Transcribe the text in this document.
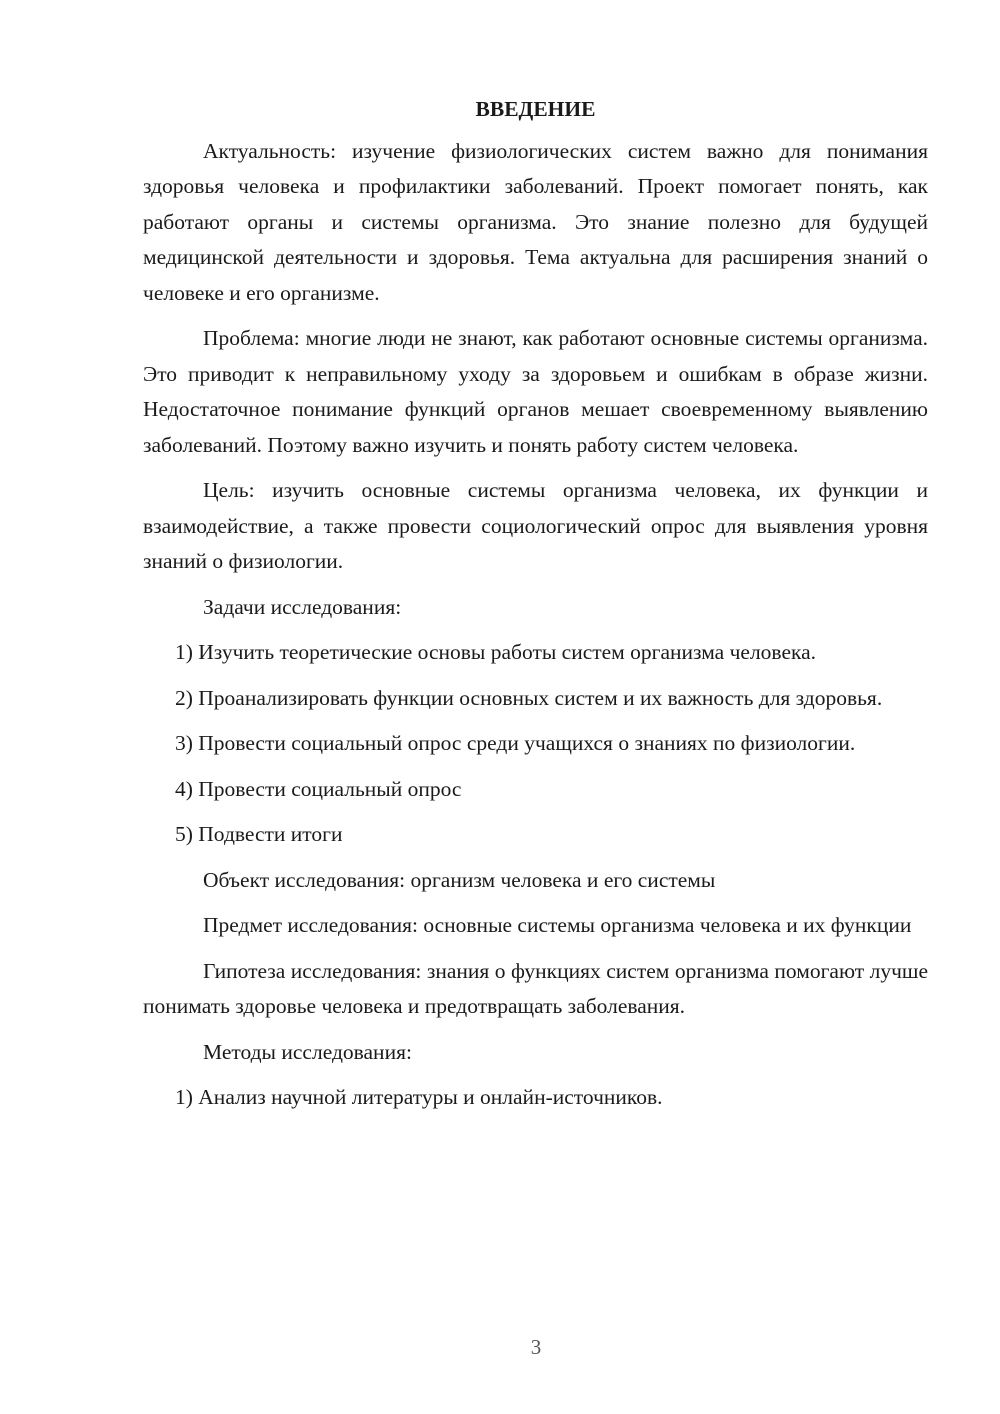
ВВЕДЕНИЕ

Актуальность: изучение физиологических систем важно для понимания здоровья человека и профилактики заболеваний. Проект помогает понять, как работают органы и системы организма. Это знание полезно для будущей медицинской деятельности и здоровья. Тема актуальна для расширения знаний о человеке и его организме.

Проблема: многие люди не знают, как работают основные системы организма. Это приводит к неправильному уходу за здоровьем и ошибкам в образе жизни. Недостаточное понимание функций органов мешает своевременному выявлению заболеваний. Поэтому важно изучить и понять работу систем человека.

Цель: изучить основные системы организма человека, их функции и взаимодействие, а также провести социологический опрос для выявления уровня знаний о физиологии.

Задачи исследования:

1) Изучить теоретические основы работы систем организма человека.

2) Проанализировать функции основных систем и их важность для здоровья.

3) Провести социальный опрос среди учащихся о знаниях по физиологии.

4) Провести социальный опрос

5) Подвести итоги

Объект исследования: организм человека и его системы

Предмет исследования: основные системы организма человека и их функции

Гипотеза исследования: знания о функциях систем организма помогают лучше понимать здоровье человека и предотвращать заболевания.

Методы исследования:

1) Анализ научной литературы и онлайн-источников.

3
